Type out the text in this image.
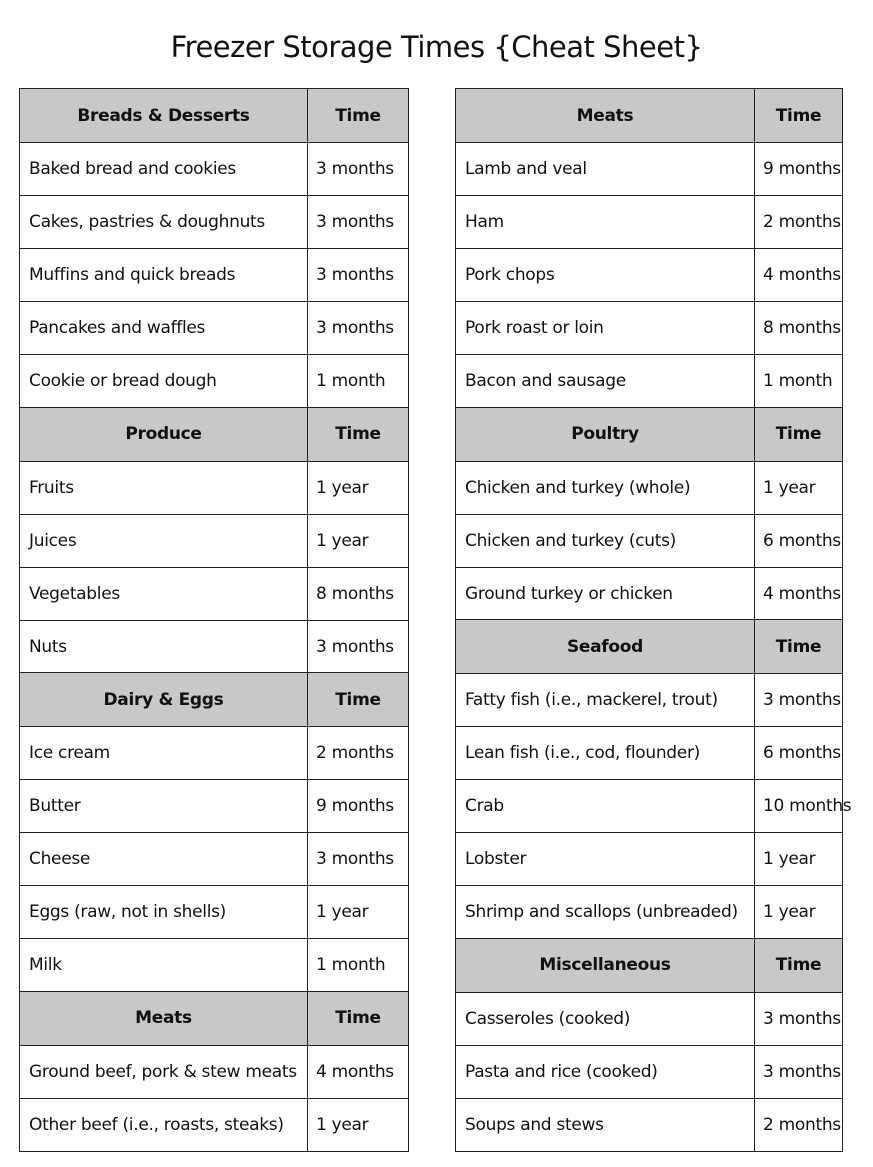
Freezer Storage Times {Cheat Sheet}
Breads & Desserts	Time
Baked bread and cookies	3 months
Cakes, pastries & doughnuts	3 months
Muffins and quick breads	3 months
Pancakes and waffles	3 months
Cookie or bread dough	1 month
Produce	Time
Fruits	1 year
Juices	1 year
Vegetables	8 months
Nuts	3 months
Dairy & Eggs	Time
Ice cream	2 months
Butter	9 months
Cheese	3 months
Eggs (raw, not in shells)	1 year
Milk	1 month
Meats	Time
Ground beef, pork & stew meats	4 months
Other beef (i.e., roasts, steaks)	1 year
Meats	Time
Lamb and veal	9 months
Ham	2 months
Pork chops	4 months
Pork roast or loin	8 months
Bacon and sausage	1 month
Poultry	Time
Chicken and turkey (whole)	1 year
Chicken and turkey (cuts)	6 months
Ground turkey or chicken	4 months
Seafood	Time
Fatty fish (i.e., mackerel, trout)	3 months
Lean fish (i.e., cod, flounder)	6 months
Crab	10 months
Lobster	1 year
Shrimp and scallops (unbreaded)	1 year
Miscellaneous	Time
Casseroles (cooked)	3 months
Pasta and rice (cooked)	3 months
Soups and stews	2 months
